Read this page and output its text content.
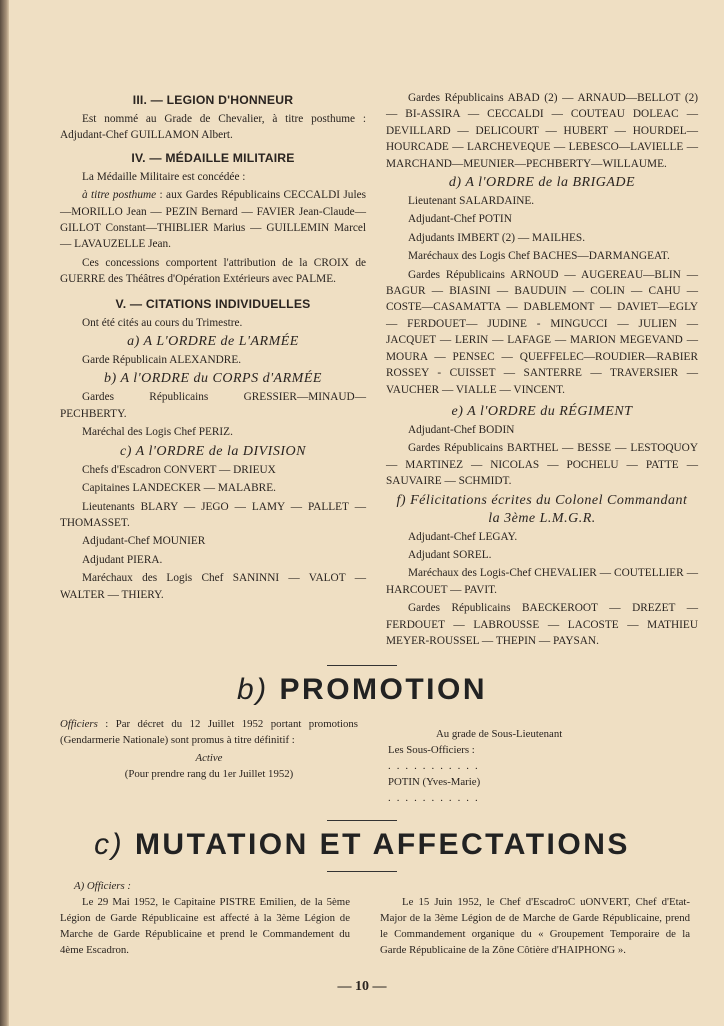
III. — LEGION D'HONNEUR

Est nommé au Grade de Chevalier, à titre posthume : Adjudant-Chef GUILLAMON Albert.

IV. — MÉDAILLE MILITAIRE

La Médaille Militaire est concédée :

à titre posthume : aux Gardes Républicains CECCALDI Jules—MORILLO Jean — PEZIN Bernard — FAVIER Jean-Claude—GILLOT Constant—THIBLIER Marius — GUILLEMIN Marcel — LAVAUZELLE Jean.

Ces concessions comportent l'attribution de la CROIX de GUERRE des Théâtres d'Opération Extérieurs avec PALME.

V. — CITATIONS INDIVIDUELLES

Ont été cités au cours du Trimestre.

a) A L'ORDRE de L'ARMÉE

Garde Républicain ALEXANDRE.

b) A l'ORDRE du CORPS d'ARMÉE

Gardes Républicains GRESSIER—MINAUD—PECHBERTY.

Maréchal des Logis Chef PERIZ.

c) A l'ORDRE de la DIVISION

Chefs d'Escadron CONVERT — DRIEUX

Capitaines LANDECKER — MALABRE.

Lieutenants BLARY — JEGO — LAMY — PALLET — THOMASSET.

Adjudant-Chef MOUNIER

Adjudant PIERA.

Maréchaux des Logis Chef SANINNI — VALOT — WALTER — THIERY.

Gardes Républicains ABAD (2) — ARNAUD—BELLOT (2) — BI-ASSIRA — CECCALDI — COUTEAU DOLEAC — DEVILLARD — DELICOURT — HUBERT — HOURDEL— HOURCADE — LARCHEVEQUE — LEBESCO—LAVIELLE —MARCHAND—MEUNIER—PECHBERTY—WILLAUME.

d) A l'ORDRE de la BRIGADE

Lieutenant SALARDAINE.

Adjudant-Chef POTIN

Adjudants IMBERT (2) — MAILHES.

Maréchaux des Logis Chef BACHES—DARMANGEAT.

Gardes Républicains ARNOUD — AUGEREAU—BLIN — BAGUR — BIASINI — BAUDUIN — COLIN — CAHU — COSTE—CASAMATTA — DABLEMONT — DAVIET—EGLY — FERDOUET— JUDINE - MINGUCCI — JULIEN — JACQUET — LERIN — LAFAGE — MARION MEGEVAND — MOURA — PENSEC — QUEFFELEC—ROUDIER—RABIER ROSSEY - CUISSET — SANTERRE — TRAVERSIER — VAUCHER — VIALLE — VINCENT.

e) A l'ORDRE du RÉGIMENT

Adjudant-Chef BODIN

Gardes Républicains BARTHEL — BESSE — LESTOQUOY — MARTINEZ — NICOLAS — POCHELU — PATTE — SAUVAIRE — SCHMIDT.

f) Félicitations écrites du Colonel Commandant la 3ème L.M.G.R.

Adjudant-Chef LEGAY.

Adjudant SOREL.

Maréchaux des Logis-Chef CHEVALIER — COUTELLIER — HARCOUET — PAVIT.

Gardes Républicains BAECKEROOT — DREZET — FERDOUET — LABROUSSE — LACOSTE — MATHIEU MEYER-ROUSSEL — THEPIN — PAYSAN.

b) PROMOTION

Officiers : Par décret du 12 Juillet 1952 portant promotions (Gendarmerie Nationale) sont promus à titre définitif :

Active
(Pour prendre rang du 1er Juillet 1952)
Au grade de Sous-Lieutenant
Les Sous-Officiers :
...........
POTIN (Yves-Marie)
...........
c) MUTATION ET AFFECTATIONS
A) Officiers :

Le 29 Mai 1952, le Capitaine PISTRE Emilien, de la 5ème Légion de Garde Républicaine est affecté à la 3ème Légion de Marche de Garde Républicaine et prend le Commandement du 4ème Escadron.

Le 15 Juin 1952, le Chef d'EscadroC uONVERT, Chef d'Etat-Major de la 3ème Légion de de Marche de Garde Républicaine, prend le Commandement organique du « Groupement Temporaire de la Garde Républicaine de la Zône Côtière d'HAIPHONG ».

— 10 —
